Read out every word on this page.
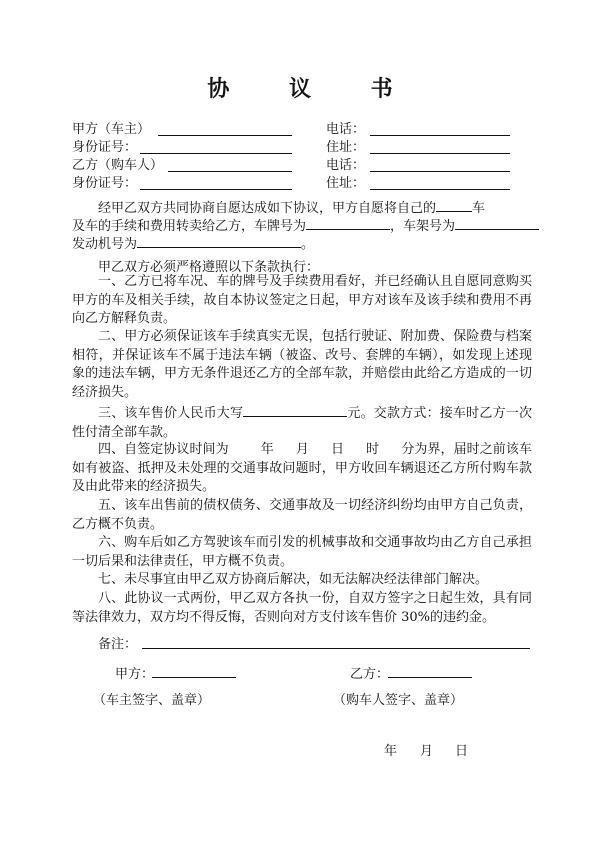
协 议 书
甲方（车主）	电话：
身份证号：	住址：
乙方（购车人）	电话：
身份证号：	住址：
经甲乙双方共同协商自愿达成如下协议，甲方自愿将自己的	车
及车的手续和费用转卖给乙方，车牌号为	，车架号为
发动机号为	。
甲乙双方必须严格遵照以下条款执行：
一、乙方已将车况、车的牌号及手续费用看好，并已经确认且自愿同意购买甲方的车及相关手续，故自本协议签定之日起，甲方对该车及该手续和费用不再向乙方解释负责。
二、甲方必须保证该车手续真实无误，包括行驶证、附加费、保险费与档案相符，并保证该车不属于违法车辆（被盗、改号、套牌的车辆），如发现上述现象的违法车辆，甲方无条件退还乙方的全部车款，并赔偿由此给乙方造成的一切经济损失。
三、该车售价人民币大写	元。交款方式：接车时乙方一次性付清全部车款。
四、自签定协议时间为 年 月 日 时 分为界，届时之前该车如有被盗、抵押及未处理的交通事故问题时，甲方收回车辆退还乙方所付购车款及由此带来的经济损失。
五、该车出售前的债权债务、交通事故及一切经济纠纷均由甲方自己负责，乙方概不负责。
六、购车后如乙方驾驶该车而引发的机械事故和交通事故均由乙方自己承担一切后果和法律责任，甲方概不负责。
七、未尽事宜由甲乙双方协商后解决，如无法解决经法律部门解决。
八、此协议一式两份，甲乙双方各执一份，自双方签字之日起生效，具有同等法律效力，双方均不得反悔，否则向对方支付该车售价 30%的违约金。
备注：
甲方：	乙方：
（车主签字、盖章）	（购车人签字、盖章）
年 月 日
